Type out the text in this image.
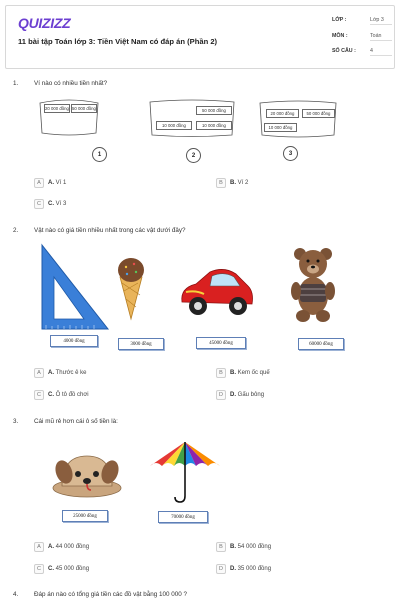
QUIZIZZ
11 bài tập Toán lớp 3: Tiền Việt Nam có đáp án (Phần 2)
LỚP :	Lớp 3
MÔN :	Toán
SỐ CÂU :	4
1. Ví nào có nhiều tiền nhất?
20 000 đồng 50 000 đồng
1
50 000 đồng
10 000 đồng	10 000 đồng
2
20 000 đồng	50 000 đồng
10 000 đồng
3
A	A. Ví 1	B	B. Ví 2
C	C. Ví 3
2. Vật nào có giá tiền nhiều nhất trong các vật dưới đây?
4000 đồng
3000 đồng	45000 đồng	60000 đồng
A	A. Thước ê ke	B	B. Kem ốc quế
C	C. Ô tô đồ chơi	D	D. Gấu bông
3. Cái mũ rẻ hơn cái ô số tiền là:
25000 đồng	70000 đồng
A	A. 44 000 đồng	B	B. 54 000 đồng
C	C. 45 000 đồng	D	D. 35 000 đồng
4. Đáp án nào có tổng giá tiền các đồ vật bằng 100 000 ?
